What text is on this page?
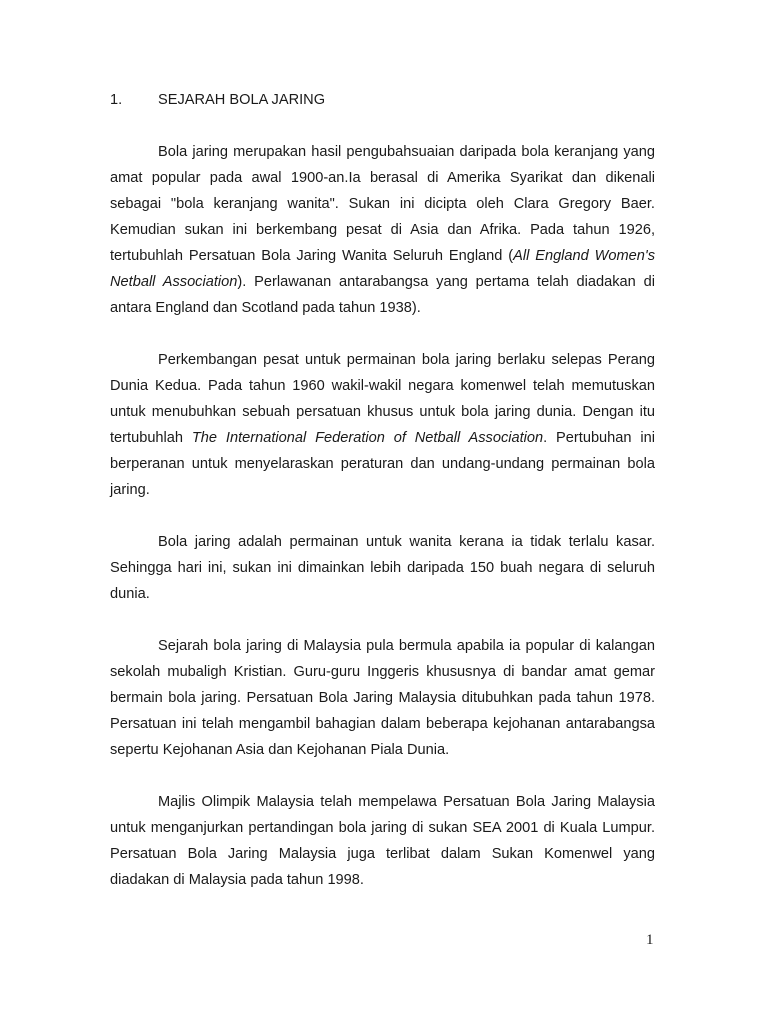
1. SEJARAH BOLA JARING

Bola jaring merupakan hasil pengubahsuaian daripada bola keranjang yang amat popular pada awal 1900-an.Ia berasal di Amerika Syarikat dan dikenali sebagai "bola keranjang wanita". Sukan ini dicipta oleh Clara Gregory Baer. Kemudian sukan ini berkembang pesat di Asia dan Afrika. Pada tahun 1926, tertubuhlah Persatuan Bola Jaring Wanita Seluruh England (All England Women's Netball Association). Perlawanan antarabangsa yang pertama telah diadakan di antara England dan Scotland pada tahun 1938).

Perkembangan pesat untuk permainan bola jaring berlaku selepas Perang Dunia Kedua. Pada tahun 1960 wakil-wakil negara komenwel telah memutuskan untuk menubuhkan sebuah persatuan khusus untuk bola jaring dunia. Dengan itu tertubuhlah The International Federation of Netball Association. Pertubuhan ini berperanan untuk menyelaraskan peraturan dan undang-undang permainan bola jaring.

Bola jaring adalah permainan untuk wanita kerana ia tidak terlalu kasar. Sehingga hari ini, sukan ini dimainkan lebih daripada 150 buah negara di seluruh dunia.

Sejarah bola jaring di Malaysia pula bermula apabila ia popular di kalangan sekolah mubaligh Kristian. Guru-guru Inggeris khususnya di bandar amat gemar bermain bola jaring. Persatuan Bola Jaring Malaysia ditubuhkan pada tahun 1978. Persatuan ini telah mengambil bahagian dalam beberapa kejohanan antarabangsa sepertu Kejohanan Asia dan Kejohanan Piala Dunia.

Majlis Olimpik Malaysia telah mempelawa Persatuan Bola Jaring Malaysia untuk menganjurkan pertandingan bola jaring di sukan SEA 2001 di Kuala Lumpur. Persatuan Bola Jaring Malaysia juga terlibat dalam Sukan Komenwel yang diadakan di Malaysia pada tahun 1998.

1
